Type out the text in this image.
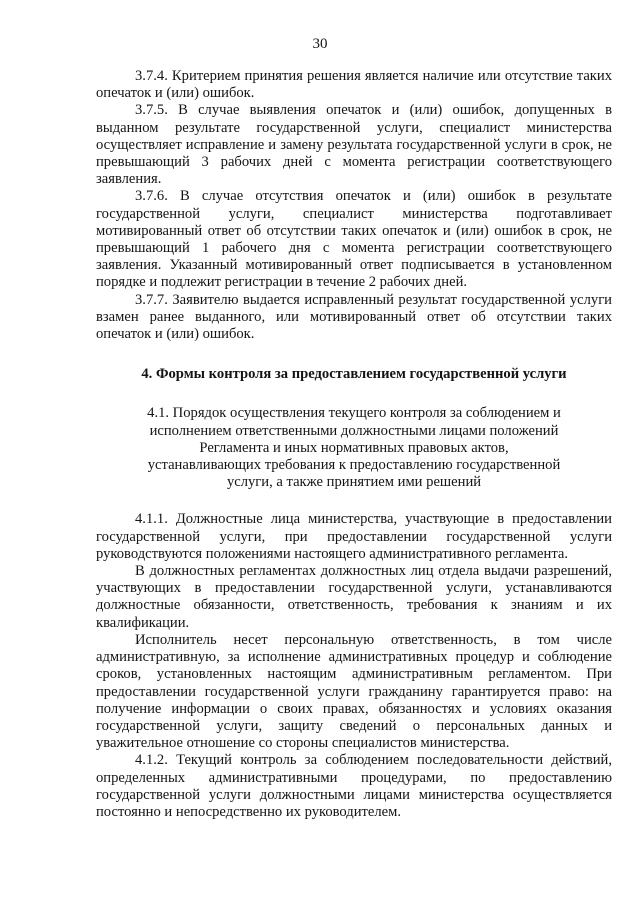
30

3.7.4. Критерием принятия решения является наличие или отсутствие таких опечаток и (или) ошибок.

3.7.5. В случае выявления опечаток и (или) ошибок, допущенных в выданном результате государственной услуги, специалист министерства осуществляет исправление и замену результата государственной услуги в срок, не превышающий 3 рабочих дней с момента регистрации соответствующего заявления.

3.7.6. В случае отсутствия опечаток и (или) ошибок в результате государственной услуги, специалист министерства подготавливает мотивированный ответ об отсутствии таких опечаток и (или) ошибок в срок, не превышающий 1 рабочего дня с момента регистрации соответствующего заявления. Указанный мотивированный ответ подписывается в установленном порядке и подлежит регистрации в течение 2 рабочих дней.

3.7.7. Заявителю выдается исправленный результат государственной услуги взамен ранее выданного, или мотивированный ответ об отсутствии таких опечаток и (или) ошибок.

4. Формы контроля за предоставлением государственной услуги
4.1. Порядок осуществления текущего контроля за соблюдением и исполнением ответственными должностными лицами положений Регламента и иных нормативных правовых актов, устанавливающих требования к предоставлению государственной услуги, а также принятием ими решений

4.1.1. Должностные лица министерства, участвующие в предоставлении государственной услуги, при предоставлении государственной услуги руководствуются положениями настоящего административного регламента.

В должностных регламентах должностных лиц отдела выдачи разрешений, участвующих в предоставлении государственной услуги, устанавливаются должностные обязанности, ответственность, требования к знаниям и их квалификации.

Исполнитель несет персональную ответственность, в том числе административную, за исполнение административных процедур и соблюдение сроков, установленных настоящим административным регламентом. При предоставлении государственной услуги гражданину гарантируется право: на получение информации о своих правах, обязанностях и условиях оказания государственной услуги, защиту сведений о персональных данных и уважительное отношение со стороны специалистов министерства.

4.1.2. Текущий контроль за соблюдением последовательности действий, определенных административными процедурами, по предоставлению государственной услуги должностными лицами министерства осуществляется постоянно и непосредственно их руководителем.
